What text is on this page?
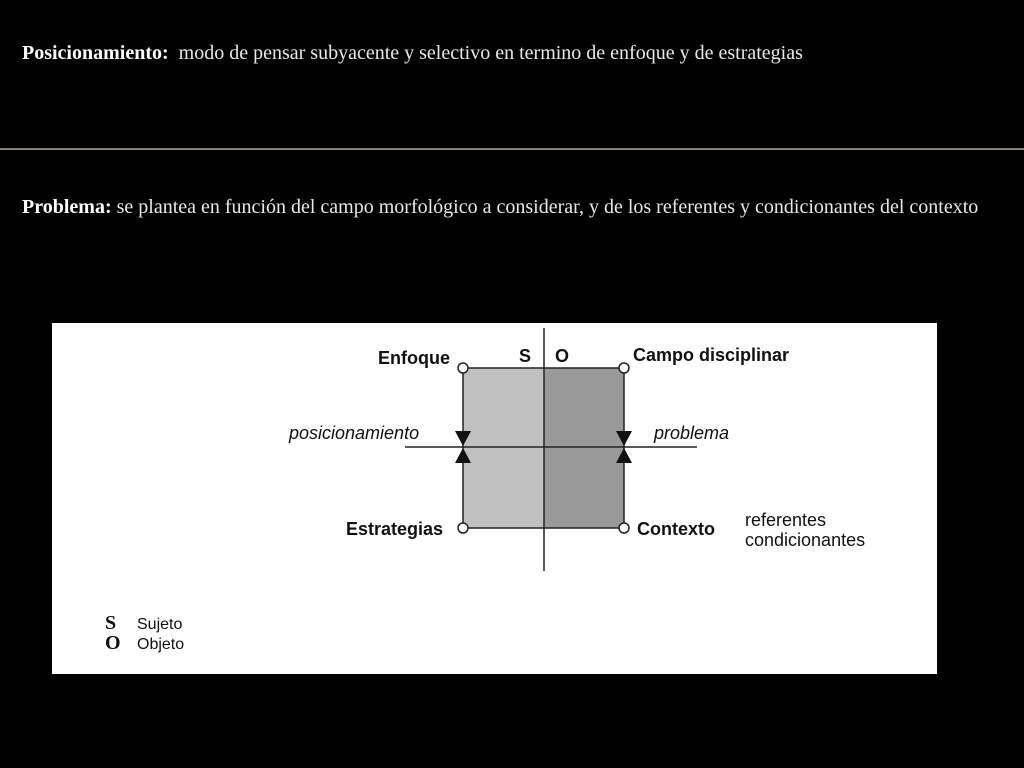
Posicionamiento: modo de pensar subyacente y selectivo en termino de enfoque y de estrategias

Problema: se plantea en función del campo morfológico a considerar, y de los referentes y condicionantes del contexto

S O
Enfoque	Campo disciplinar
Estrategias	Contexto
posicionamiento	problema
referentes
condicionantes
S Sujeto
O Objeto
